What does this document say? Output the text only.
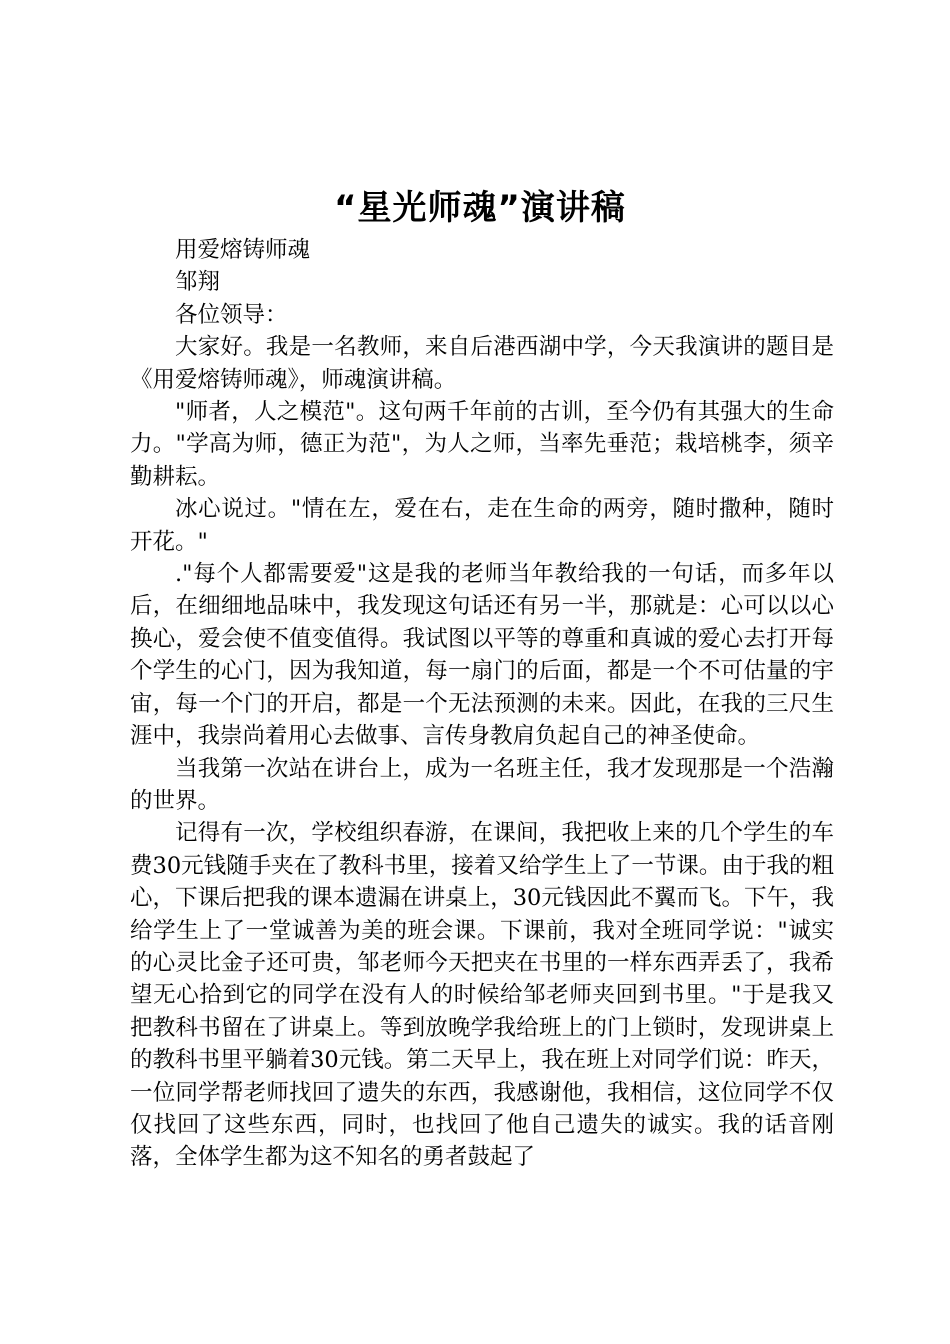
“星光师魂”演讲稿

用爱熔铸师魂

邹翔

各位领导：

大家好。我是一名教师，来自后港西湖中学，今天我演讲的题目是《用爱熔铸师魂》，师魂演讲稿。

"师者，人之模范"。这句两千年前的古训，至今仍有其强大的生命力。"学高为师，德正为范"，为人之师，当率先垂范；栽培桃李，须辛勤耕耘。

冰心说过。"情在左，爱在右，走在生命的两旁，随时撒种，随时开花。"

."每个人都需要爱"这是我的老师当年教给我的一句话，而多年以后，在细细地品味中，我发现这句话还有另一半，那就是：心可以以心换心，爱会使不值变值得。我试图以平等的尊重和真诚的爱心去打开每个学生的心门，因为我知道，每一扇门的后面，都是一个不可估量的宇宙，每一个门的开启，都是一个无法预测的未来。因此，在我的三尺生涯中，我崇尚着用心去做事、言传身教肩负起自己的神圣使命。

当我第一次站在讲台上，成为一名班主任，我才发现那是一个浩瀚的世界。

记得有一次，学校组织春游，在课间，我把收上来的几个学生的车费30元钱随手夹在了教科书里，接着又给学生上了一节课。由于我的粗心，下课后把我的课本遗漏在讲桌上，30元钱因此不翼而飞。下午，我给学生上了一堂诚善为美的班会课。下课前，我对全班同学说："诚实的心灵比金子还可贵，邹老师今天把夹在书里的一样东西弄丢了，我希望无心拾到它的同学在没有人的时候给邹老师夹回到书里。"于是我又把教科书留在了讲桌上。等到放晚学我给班上的门上锁时，发现讲桌上的教科书里平躺着30元钱。第二天早上，我在班上对同学们说：昨天，一位同学帮老师找回了遗失的东西，我感谢他，我相信，这位同学不仅仅找回了这些东西，同时，也找回了他自己遗失的诚实。我的话音刚落，全体学生都为这不知名的勇者鼓起了
